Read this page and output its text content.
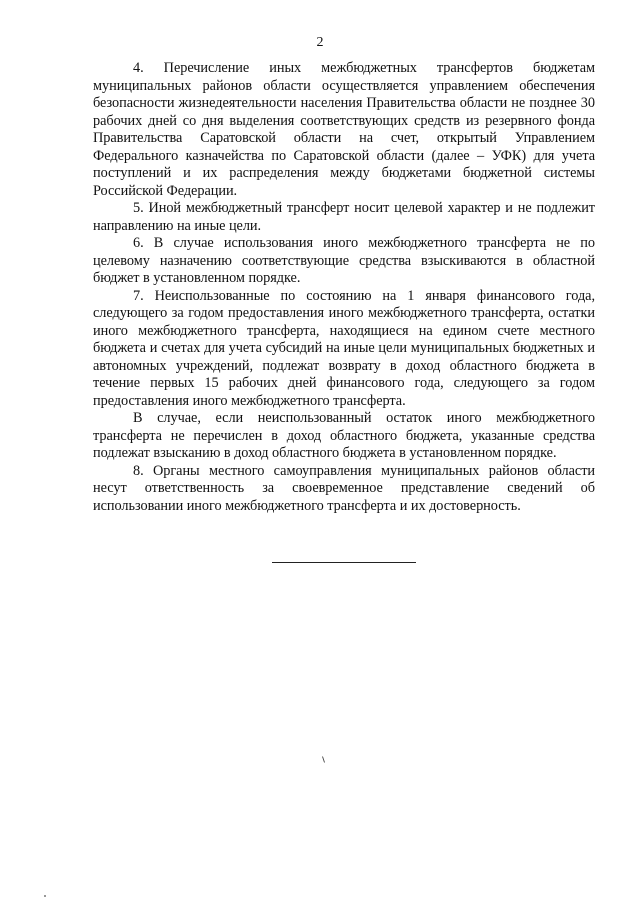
2

4. Перечисление иных межбюджетных трансфертов бюджетам муниципальных районов области осуществляется управлением обеспечения безопасности жизнедеятельности населения Правительства области не позднее 30 рабочих дней со дня выделения соответствующих средств из резервного фонда Правительства Саратовской области на счет, открытый Управлением Федерального казначейства по Саратовской области (далее – УФК) для учета поступлений и их распределения между бюджетами бюджетной системы Российской Федерации.

5. Иной межбюджетный трансферт носит целевой характер и не подлежит направлению на иные цели.

6. В случае использования иного межбюджетного трансферта не по целевому назначению соответствующие средства взыскиваются в областной бюджет в установленном порядке.

7. Неиспользованные по состоянию на 1 января финансового года, следующего за годом предоставления иного межбюджетного трансферта, остатки иного межбюджетного трансферта, находящиеся на едином счете местного бюджета и счетах для учета субсидий на иные цели муниципальных бюджетных и автономных учреждений, подлежат возврату в доход областного бюджета в течение первых 15 рабочих дней финансового года, следующего за годом предоставления иного межбюджетного трансферта.

В случае, если неиспользованный остаток иного межбюджетного трансферта не перечислен в доход областного бюджета, указанные средства подлежат взысканию в доход областного бюджета в установленном порядке.

8. Органы местного самоуправления муниципальных районов области несут ответственность за своевременное представление сведений об использовании иного межбюджетного трансферта и их достоверность.
